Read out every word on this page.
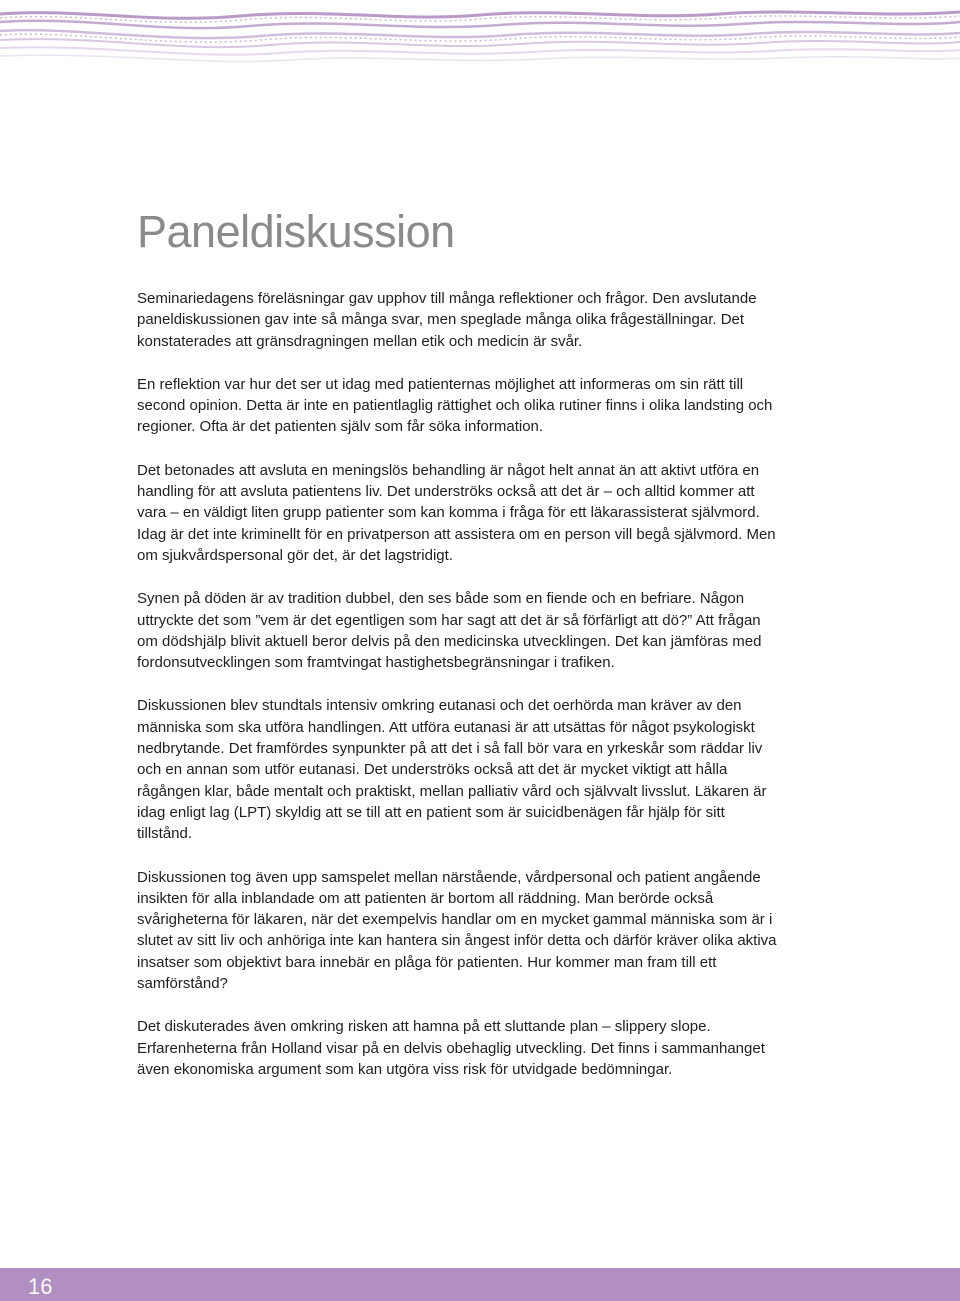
Paneldiskussion

Seminariedagens föreläsningar gav upphov till många reflektioner och frågor. Den avslutande paneldiskussionen gav inte så många svar, men speglade många olika frågeställningar. Det konstaterades att gränsdragningen mellan etik och medicin är svår.

En reflektion var hur det ser ut idag med patienternas möjlighet att informeras om sin rätt till second opinion. Detta är inte en patientlaglig rättighet och olika rutiner finns i olika landsting och regioner. Ofta är det patienten själv som får söka information.

Det betonades att avsluta en meningslös behandling är något helt annat än att aktivt utföra en handling för att avsluta patientens liv. Det underströks också att det är – och alltid kommer att vara – en väldigt liten grupp patienter som kan komma i fråga för ett läkarassisterat självmord. Idag är det inte kriminellt för en privatperson att assistera om en person vill begå självmord. Men om sjukvårdspersonal gör det, är det lagstridigt.

Synen på döden är av tradition dubbel, den ses både som en fiende och en befriare. Någon uttryckte det som ”vem är det egentligen som har sagt att det är så förfärligt att dö?” Att frågan om dödshjälp blivit aktuell beror delvis på den medicinska utvecklingen. Det kan jämföras med fordonsutvecklingen som framtvingat hastighetsbegränsningar i trafiken.

Diskussionen blev stundtals intensiv omkring eutanasi och det oerhörda man kräver av den människa som ska utföra handlingen. Att utföra eutanasi är att utsättas för något psykologiskt nedbrytande. Det framfördes synpunkter på att det i så fall bör vara en yrkeskår som räddar liv och en annan som utför eutanasi. Det underströks också att det är mycket viktigt att hålla rågången klar, både mentalt och praktiskt, mellan palliativ vård och självvalt livsslut. Läkaren är idag enligt lag (LPT) skyldig att se till att en patient som är suicidbenägen får hjälp för sitt tillstånd.

Diskussionen tog även upp samspelet mellan närstående, vårdpersonal och patient angående insikten för alla inblandade om att patienten är bortom all räddning. Man berörde också svårigheterna för läkaren, när det exempelvis handlar om en mycket gammal människa som är i slutet av sitt liv och anhöriga inte kan hantera sin ångest inför detta och därför kräver olika aktiva insatser som objektivt bara innebär en plåga för patienten. Hur kommer man fram till ett samförstånd?

Det diskuterades även omkring risken att hamna på ett sluttande plan – slippery slope. Erfarenheterna från Holland visar på en delvis obehaglig utveckling. Det finns i sammanhanget även ekonomiska argument som kan utgöra viss risk för utvidgade bedömningar.

16
